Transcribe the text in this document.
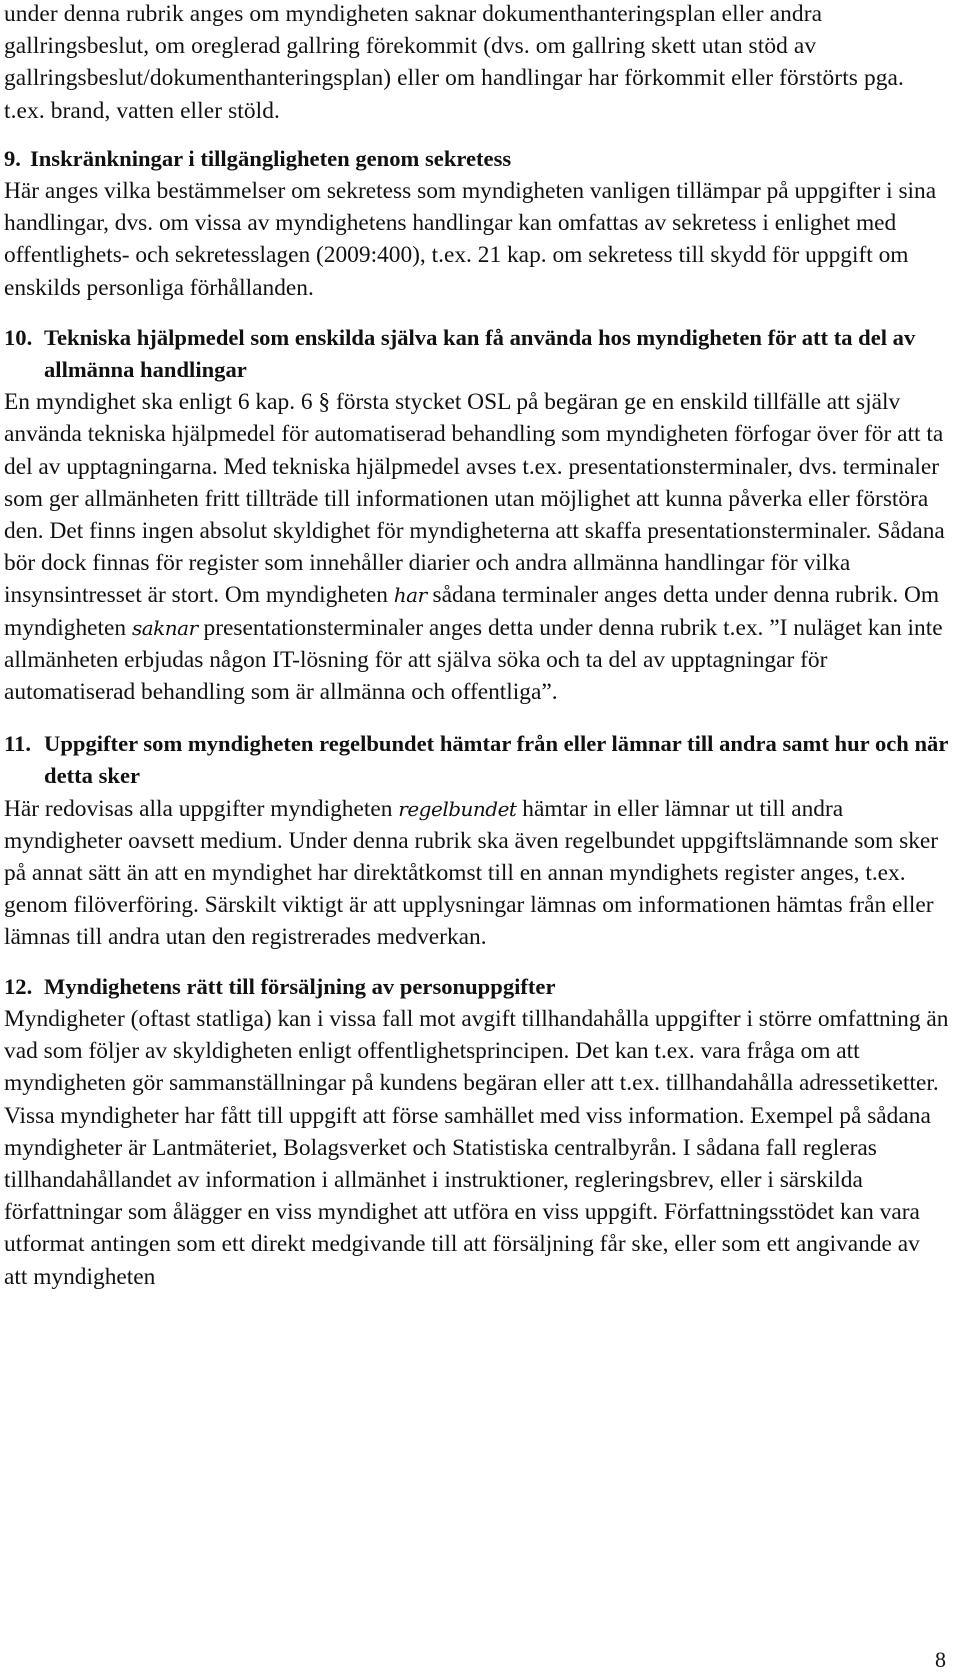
under denna rubrik anges om myndigheten saknar dokumenthanteringsplan eller andra gallringsbeslut, om oreglerad gallring förekommit (dvs. om gallring skett utan stöd av gallringsbeslut/dokumenthanteringsplan) eller om handlingar har förkommit eller förstörts pga. t.ex. brand, vatten eller stöld.

9. Inskränkningar i tillgängligheten genom sekretess

Här anges vilka bestämmelser om sekretess som myndigheten vanligen tillämpar på uppgifter i sina handlingar, dvs. om vissa av myndighetens handlingar kan omfattas av sekretess i enlighet med offentlighets- och sekretesslagen (2009:400), t.ex. 21 kap. om sekretess till skydd för uppgift om enskilds personliga förhållanden.

10. Tekniska hjälpmedel som enskilda själva kan få använda hos myndigheten för att ta del av allmänna handlingar

En myndighet ska enligt 6 kap. 6 § första stycket OSL på begäran ge en enskild tillfälle att själv använda tekniska hjälpmedel för automatiserad behandling som myndigheten förfogar över för att ta del av upptagningarna. Med tekniska hjälpmedel avses t.ex. presentationsterminaler, dvs. terminaler som ger allmänheten fritt tillträde till informationen utan möjlighet att kunna påverka eller förstöra den. Det finns ingen absolut skyldighet för myndigheterna att skaffa presentationsterminaler. Sådana bör dock finnas för register som innehåller diarier och andra allmänna handlingar för vilka insynsintresset är stort. Om myndigheten har sådana terminaler anges detta under denna rubrik. Om myndigheten saknar presentationsterminaler anges detta under denna rubrik t.ex. ”I nuläget kan inte allmänheten erbjudas någon IT-lösning för att själva söka och ta del av upptagningar för automatiserad behandling som är allmänna och offentliga”.

11. Uppgifter som myndigheten regelbundet hämtar från eller lämnar till andra samt hur och när detta sker

Här redovisas alla uppgifter myndigheten regelbundet hämtar in eller lämnar ut till andra myndigheter oavsett medium. Under denna rubrik ska även regelbundet uppgiftslämnande som sker på annat sätt än att en myndighet har direktåtkomst till en annan myndighets register anges, t.ex. genom filöverföring. Särskilt viktigt är att upplysningar lämnas om informationen hämtas från eller lämnas till andra utan den registrerades medverkan.

12. Myndighetens rätt till försäljning av personuppgifter

Myndigheter (oftast statliga) kan i vissa fall mot avgift tillhandahålla uppgifter i större omfattning än vad som följer av skyldigheten enligt offentlighetsprincipen. Det kan t.ex. vara fråga om att myndigheten gör sammanställningar på kundens begäran eller att t.ex. tillhandahålla adressetiketter. Vissa myndigheter har fått till uppgift att förse samhället med viss information. Exempel på sådana myndigheter är Lantmäteriet, Bolagsverket och Statistiska centralbyrån. I sådana fall regleras tillhandahållandet av information i allmänhet i instruktioner, regleringsbrev, eller i särskilda författningar som ålägger en viss myndighet att utföra en viss uppgift. Författningsstödet kan vara utformat antingen som ett direkt medgivande till att försäljning får ske, eller som ett angivande av att myndigheten

8
